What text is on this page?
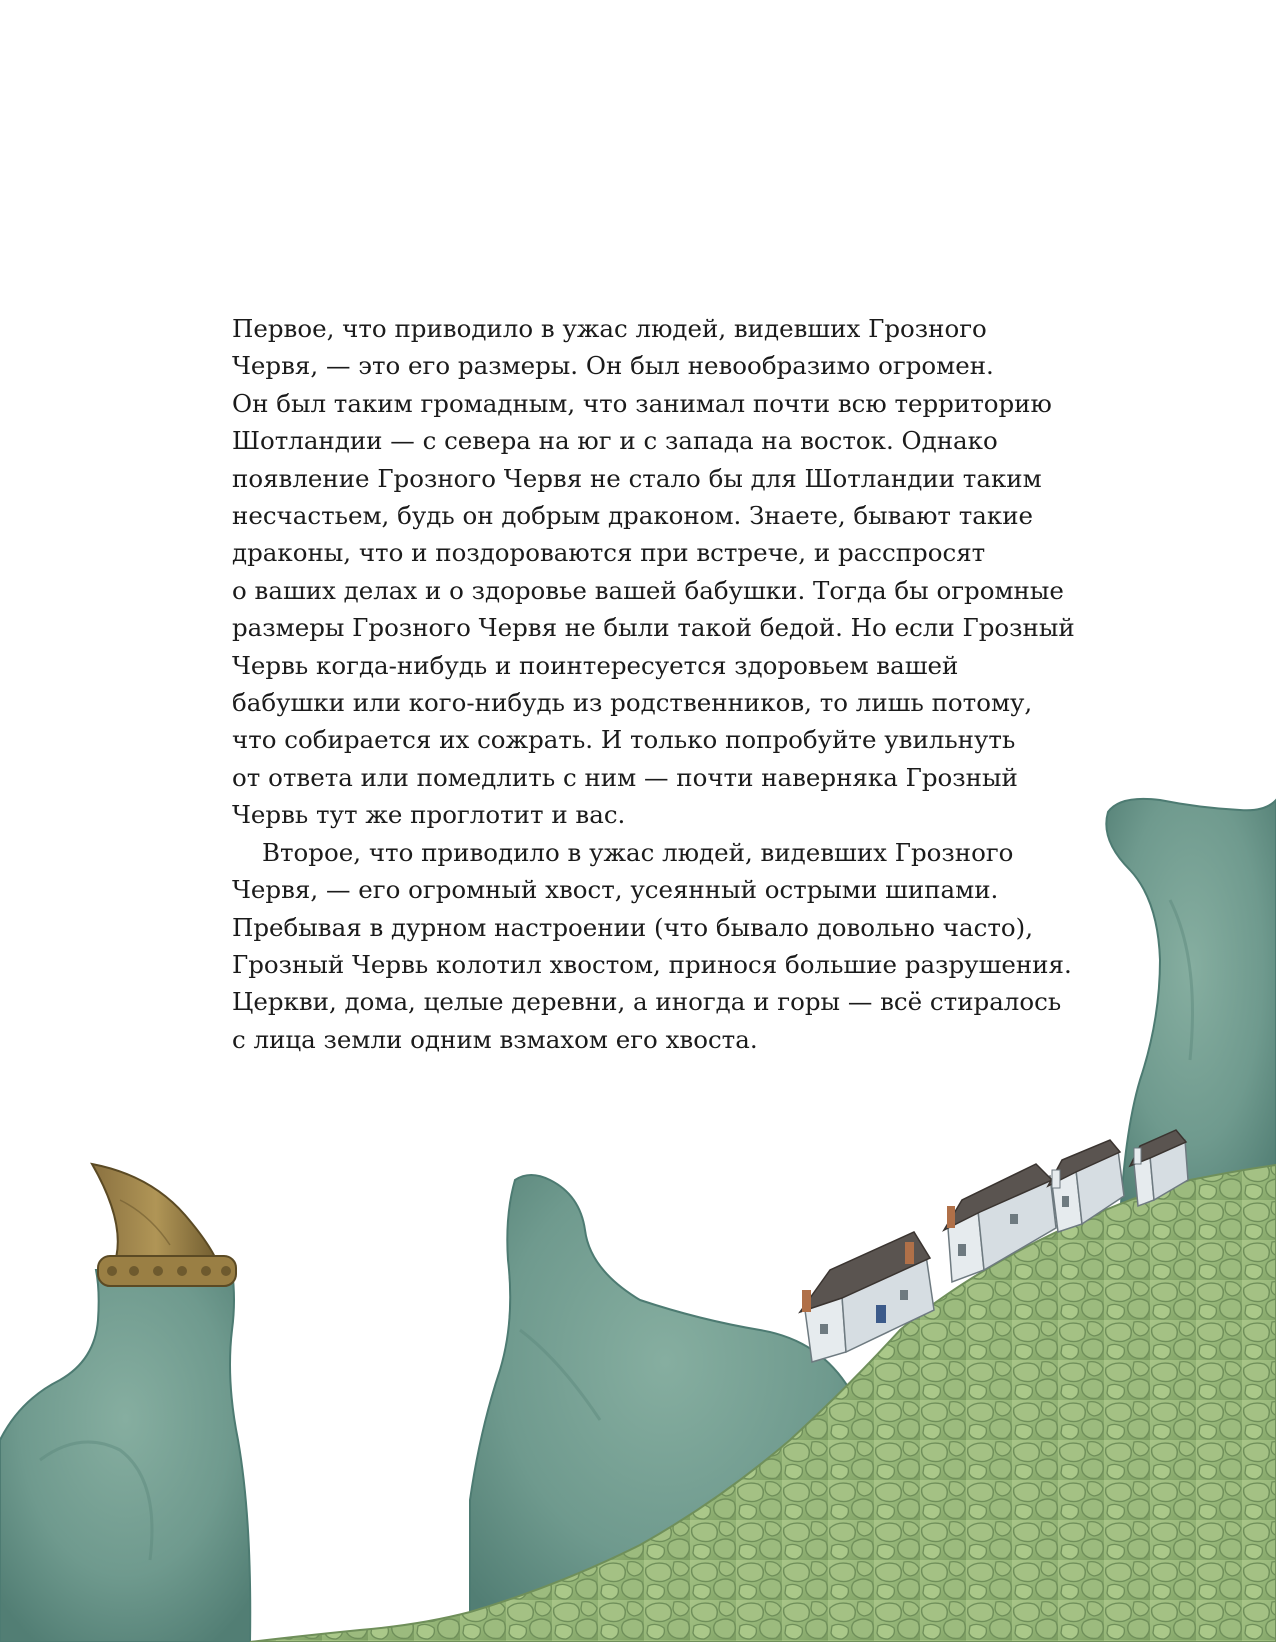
Первое, что приводило в ужас людей, видевших Грозного
Червя, — это его размеры. Он был невообразимо огромен.
Он был таким громадным, что занимал почти всю территорию
Шотландии — с севера на юг и с запада на восток. Однако
появление Грозного Червя не стало бы для Шотландии таким
несчастьем, будь он добрым драконом. Знаете, бывают такие
драконы, что и поздороваются при встрече, и расспросят
о ваших делах и о здоровье вашей бабушки. Тогда бы огромные
размеры Грозного Червя не были такой бедой. Но если Грозный
Червь когда-нибудь и поинтересуется здоровьем вашей
бабушки или кого-нибудь из родственников, то лишь потому,
что собирается их сожрать. И только попробуйте увильнуть
от ответа или помедлить с ним — почти наверняка Грозный
Червь тут же проглотит и вас.
Второе, что приводило в ужас людей, видевших Грозного
Червя, — его огромный хвост, усеянный острыми шипами.
Пребывая в дурном настроении (что бывало довольно часто),
Грозный Червь колотил хвостом, принося большие разрушения.
Церкви, дома, целые деревни, а иногда и горы — всё стиралось
с лица земли одним взмахом его хвоста.
